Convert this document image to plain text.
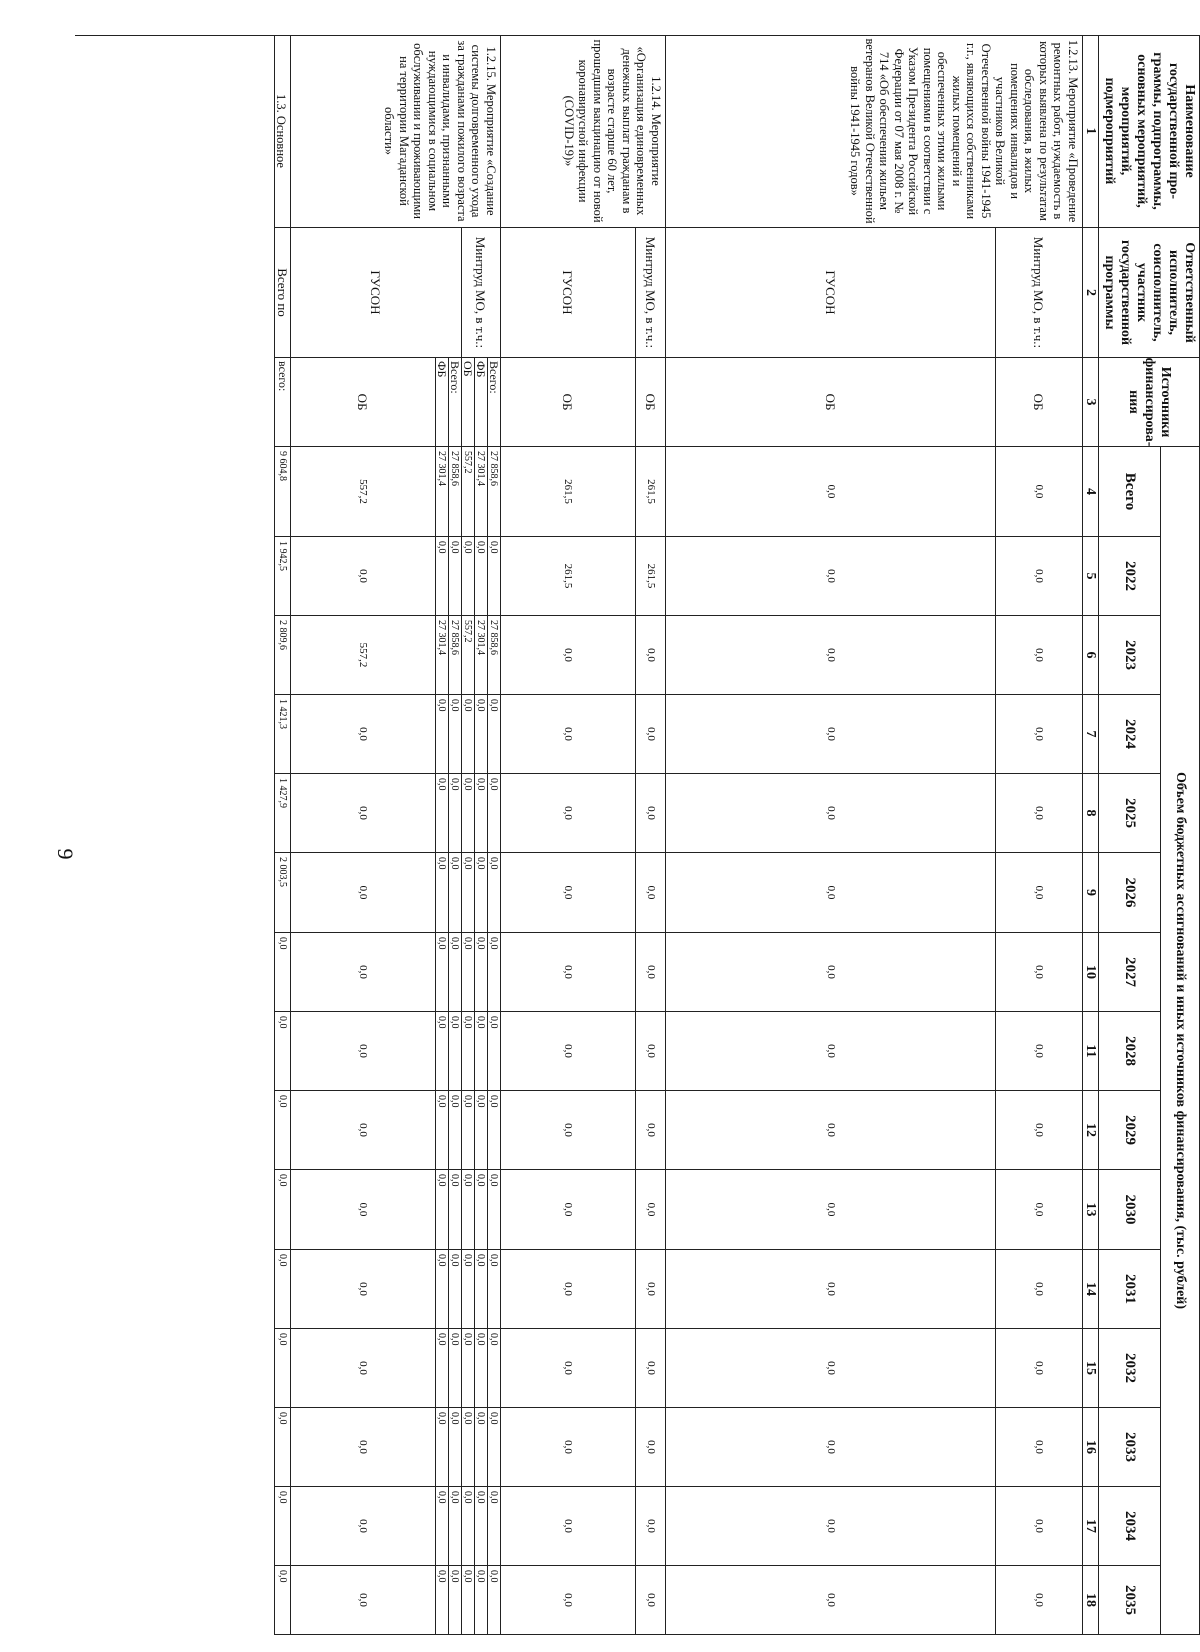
9
Наименование государственной про-граммы, подпрограммы, основных мероприятий, мероприятий, подмероприятий
Ответственный исполнитель, соисполнитель, участник государственной программы
Источники финансирова-ния
Объем бюджетных ассигнований и иных источников финансирования, (тыс. рублей)
Всего
2022
2023
2024
2025
2026
2027
2028
2029
2030
2031
2032
2033
2034
2035
1
2
3
4
5
6
7
8
9
10
11
12
13
14
15
16
17
18
1.2.13. Мероприятие «Проведение ремонтных работ, нуждаемость в которых выявлена по результатам обследования, в жилых помещениях инвалидов и участников Великой Отечественной войны 1941-1945 г.г., являющихся собственниками жилых помещений и обеспеченных этими жилыми помещениями в соответствии с Указом Президента Российской Федерации от 07 мая 2008 г. № 714 «Об обеспечении жильем ветеранов Великой Отечественной войны 1941-1945 годов»
Минтруд МО, в т.ч.:
ГУСОН
ОБ
0,0
0,0
0,0
0,0
0,0
0,0
0,0
0,0
0,0
0,0
0,0
0,0
0,0
0,0
0,0
ОБ
0,0
0,0
0,0
0,0
0,0
0,0
0,0
0,0
0,0
0,0
0,0
0,0
0,0
0,0
0,0
1.2.14. Мероприятие «Организация единовременных денежных выплат гражданам в возрасте старше 60 лет, прошедшим вакцинацию от новой коронавирусной инфекции (COVID-19)»
Минтруд МО, в т.ч.:
ГУСОН
ОБ
261,5
261,5
0,0
0,0
0,0
0,0
0,0
0,0
0,0
0,0
0,0
0,0
0,0
0,0
0,0
ОБ
261,5
261,5
0,0
0,0
0,0
0,0
0,0
0,0
0,0
0,0
0,0
0,0
0,0
0,0
0,0
1.2.15. Мероприятие «Создание системы долговременного ухода за гражданами пожилого возраста и инвалидами, признанными нуждающимися в социальном обслуживании и проживающими на территории Магаданской области»
Минтруд МО, в т.ч.:
ГУСОН
Всего:
27 858,6
0,0
27 858,6
0,0
0,0
0,0
0,0
0,0
0,0
0,0
0,0
0,0
0,0
0,0
0,0
ФБ
27 301,4
0,0
27 301,4
0,0
0,0
0,0
0,0
0,0
0,0
0,0
0,0
0,0
0,0
0,0
0,0
ОБ
557,2
0,0
557,2
0,0
0,0
0,0
0,0
0,0
0,0
0,0
0,0
0,0
0,0
0,0
0,0
Всего:
27 858,6
0,0
27 858,6
0,0
0,0
0,0
0,0
0,0
0,0
0,0
0,0
0,0
0,0
0,0
0,0
ФБ
27 301,4
0,0
27 301,4
0,0
0,0
0,0
0,0
0,0
0,0
0,0
0,0
0,0
0,0
0,0
0,0
ОБ
557,2
0,0
557,2
0,0
0,0
0,0
0,0
0,0
0,0
0,0
0,0
0,0
0,0
0,0
0,0
1.3. Основное
Всего по
всего:
9 604,8
1 942,5
2 809,6
1 421,3
1 427,9
2 003,5
0,0
0,0
0,0
0,0
0,0
0,0
0,0
0,0
0,0
